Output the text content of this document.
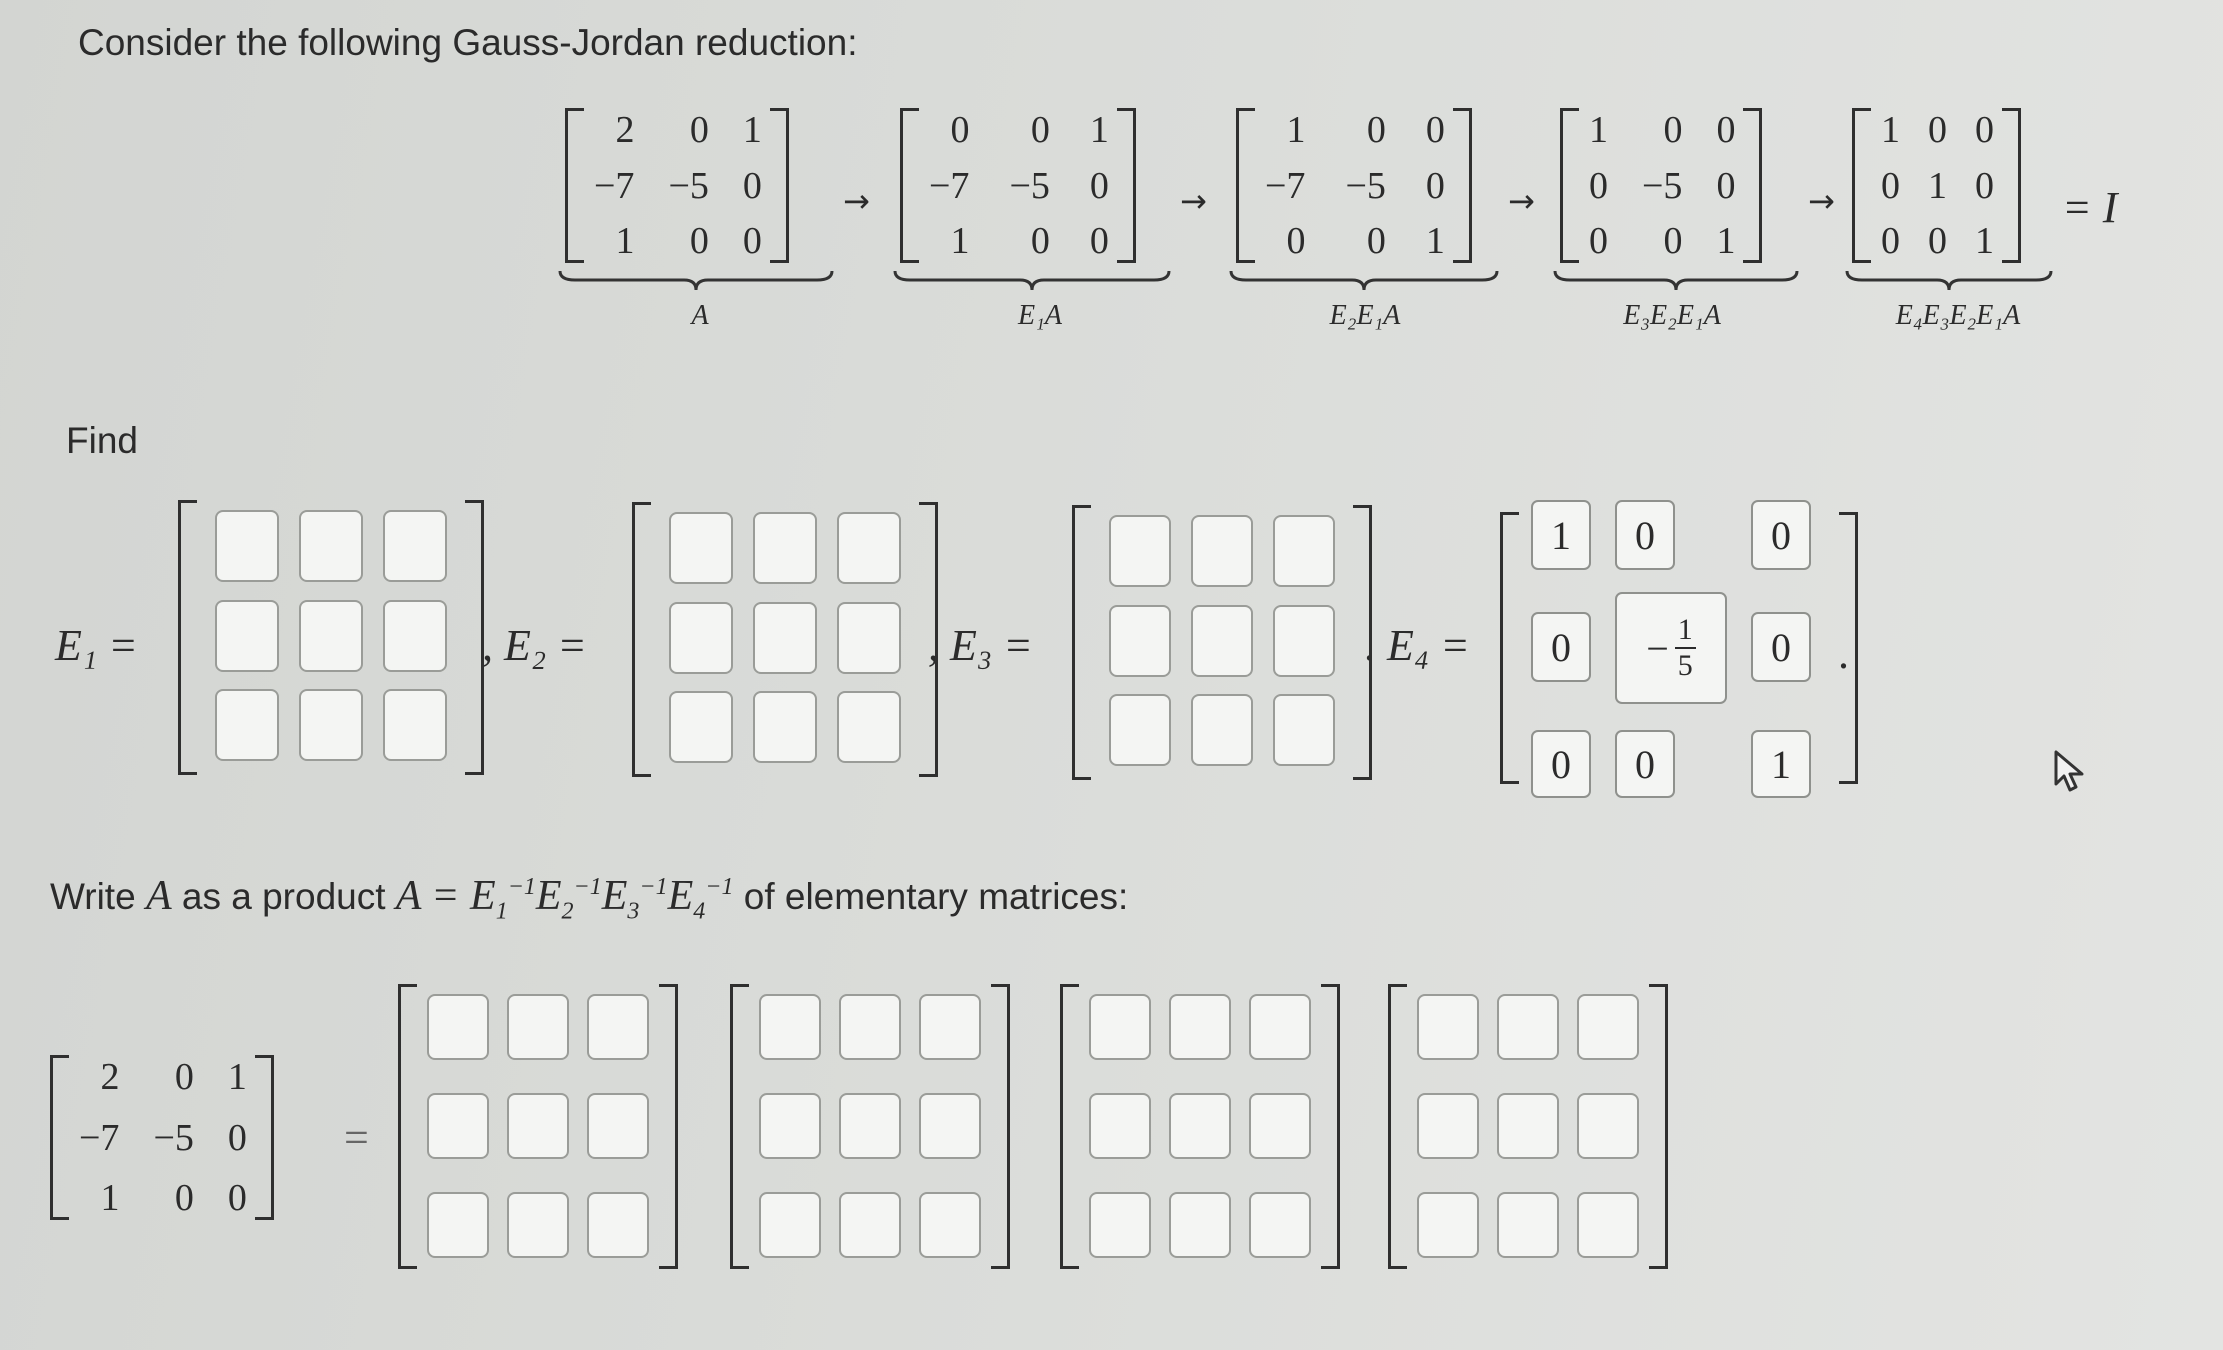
Consider the following Gauss-Jordan reduction:
2	0 1
−7 −5 0
1	0 0
A
→
0	0 1
−7 −5 0
1	0 0
E₁A
→
1	0 0
−7 −5 0
0	0 1
E₂E₁A
→
1	0 0
0 −5 0
0	0 1
E₃E₂E₁A
→
1 0 0
0 1 0
0 0 1
E₄E₃E₂E₁A
= I
Find
E₁ =	, E₂ =	, E₃ =	. E₄ =
1	0	0
0	− $\frac{1}{5}$	0
0	0	1
.
Write A as a product $A = E_1^{-1}E_2^{-1}E_3^{-1}E_4^{-1}$ of elementary matrices:
2	0 1
−7 −5 0
1	0 0
=
